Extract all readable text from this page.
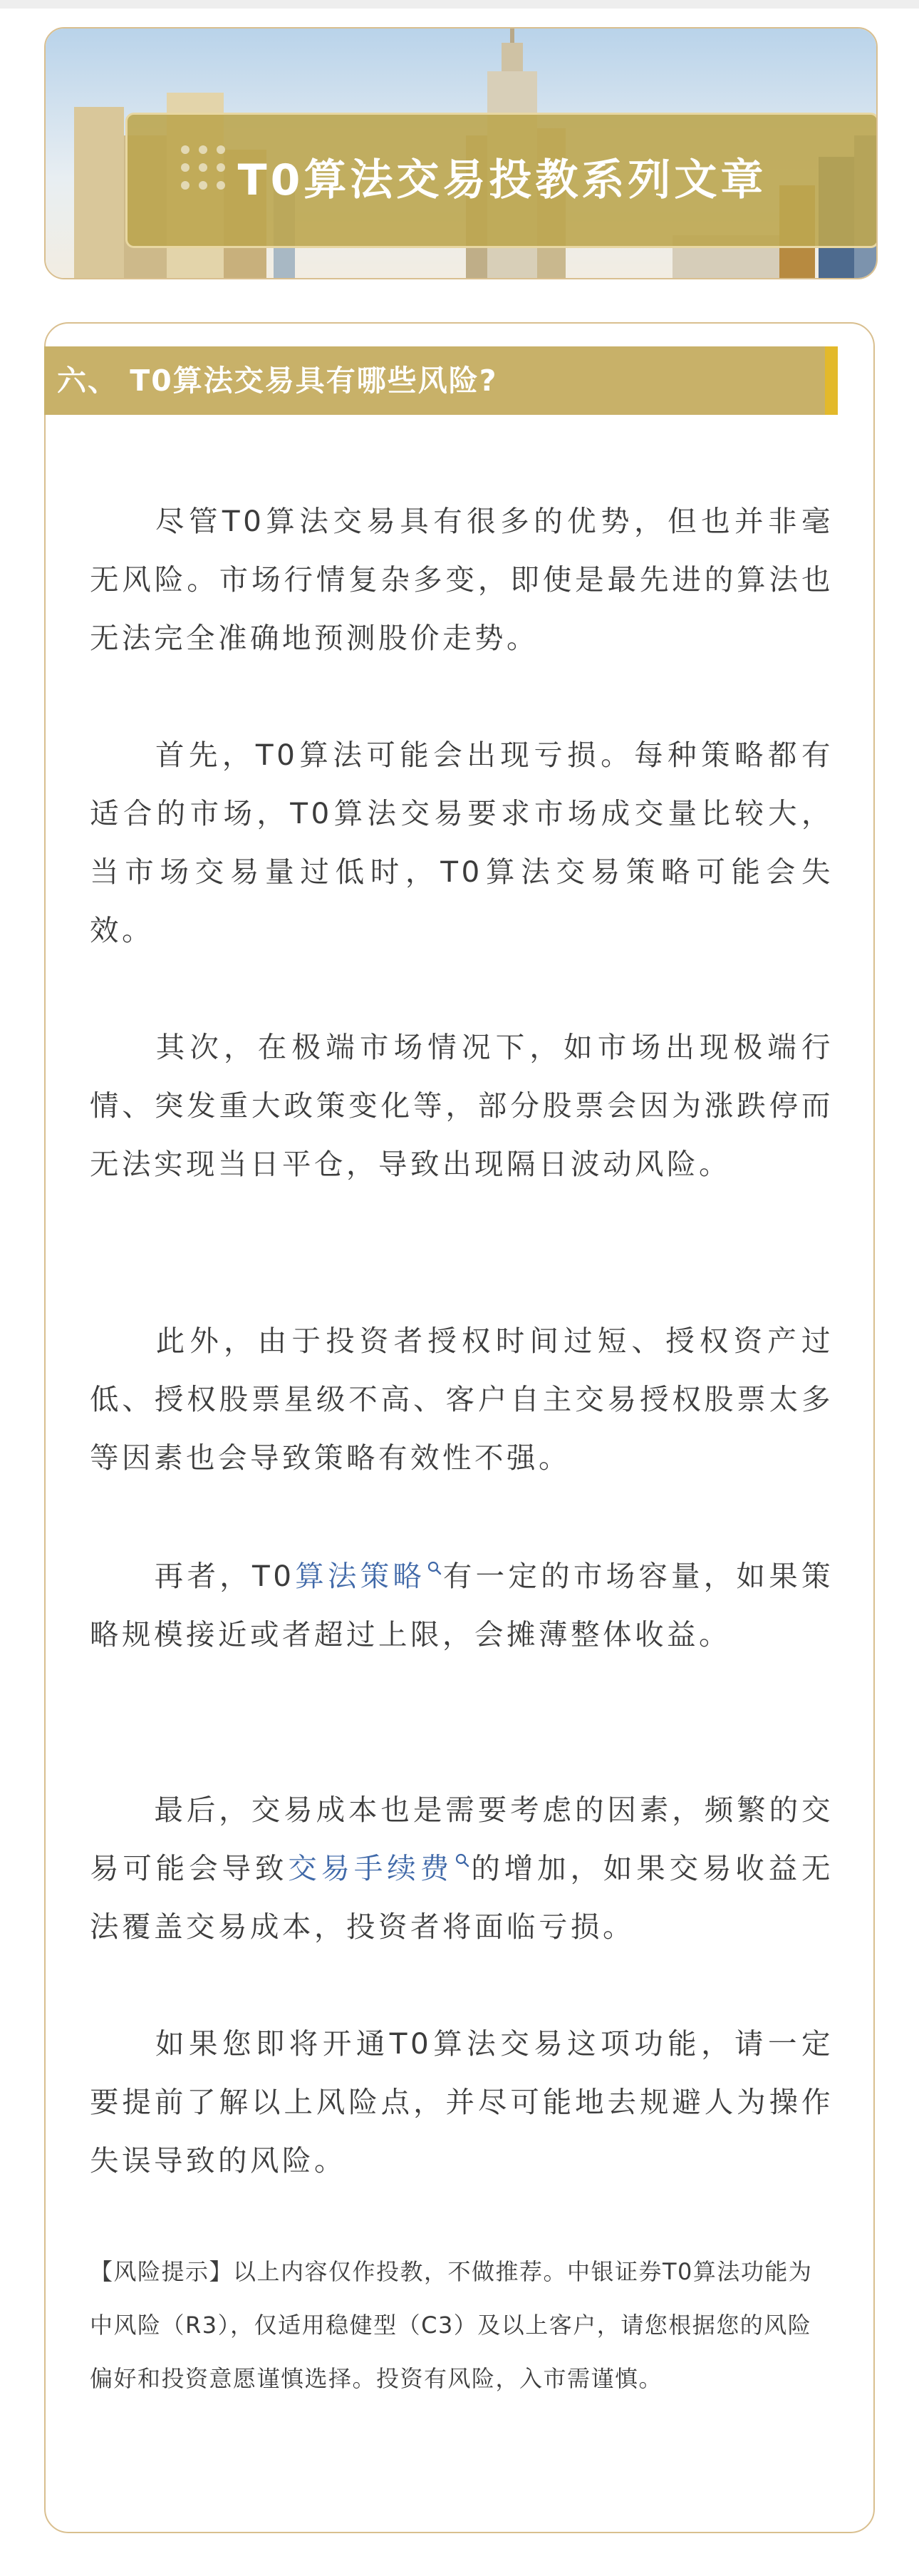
T0算法交易投教系列文章
六、 T0算法交易具有哪些风险?
尽管T0算法交易具有很多的优势，但也并非毫无风险。市场行情复杂多变，即使是最先进的算法也无法完全准确地预测股价走势。
首先，T0算法可能会出现亏损。每种策略都有适合的市场，T0算法交易要求市场成交量比较大，当市场交易量过低时，T0算法交易策略可能会失效。
其次，在极端市场情况下，如市场出现极端行情、突发重大政策变化等，部分股票会因为涨跌停而无法实现当日平仓，导致出现隔日波动风险。
此外，由于投资者授权时间过短、授权资产过低、授权股票星级不高、客户自主交易授权股票太多等因素也会导致策略有效性不强。
再者，T0算法策略 有一定的市场容量，如果策略规模接近或者超过上限，会摊薄整体收益。
最后，交易成本也是需要考虑的因素，频繁的交易可能会导致交易手续费 的增加，如果交易收益无法覆盖交易成本，投资者将面临亏损。
如果您即将开通T0算法交易这项功能，请一定要提前了解以上风险点，并尽可能地去规避人为操作失误导致的风险。
【风险提示】以上内容仅作投教，不做推荐。中银证券T0算法功能为中风险（R3），仅适用稳健型（C3）及以上客户，请您根据您的风险偏好和投资意愿谨慎选择。投资有风险，入市需谨慎。
